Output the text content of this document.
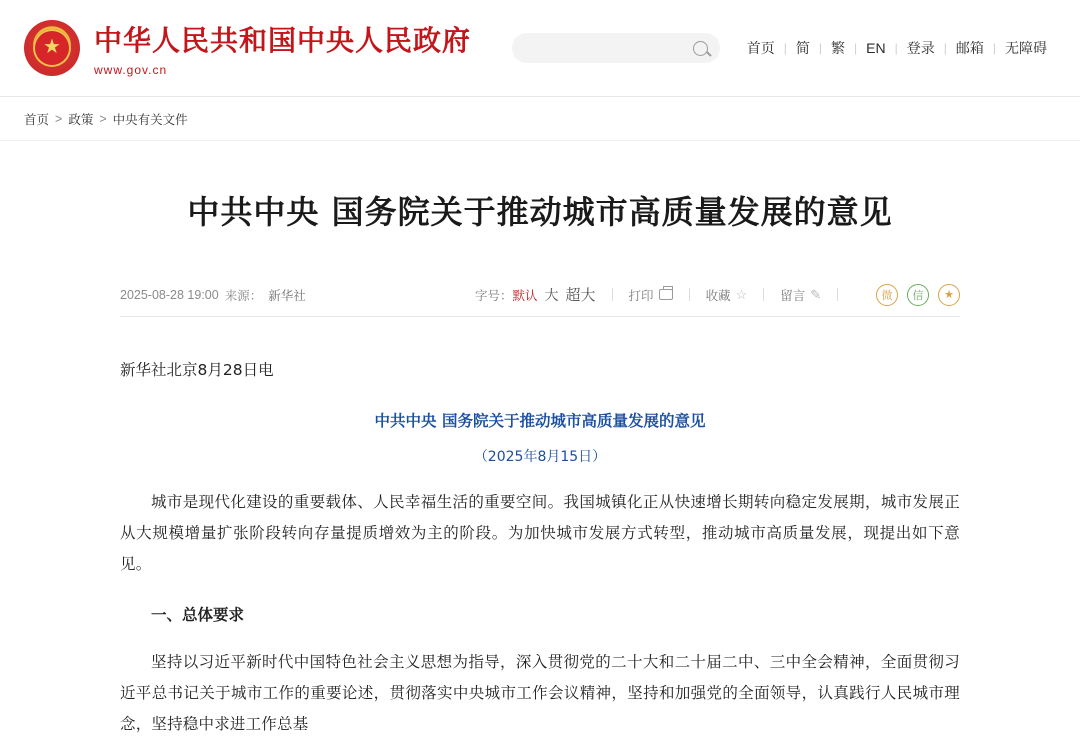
★
中华人民共和国中央人民政府
www.gov.cn
首页 | 简 | 繁 | EN | 登录 | 邮箱 | 无障碍
首页 > 政策 > 中央有关文件
中共中央 国务院关于推动城市高质量发展的意见
2025-08-28 19:00 来源： 新华社	字号： 默认 大 超大	打印	收藏 ☆	留言 ✎	微	信	★
新华社北京8月28日电
中共中央 国务院关于推动城市高质量发展的意见
（2025年8月15日）

城市是现代化建设的重要载体、人民幸福生活的重要空间。我国城镇化正从快速增长期转向稳定发展期，城市发展正从大规模增量扩张阶段转向存量提质增效为主的阶段。为加快城市发展方式转型，推动城市高质量发展，现提出如下意见。

一、总体要求

坚持以习近平新时代中国特色社会主义思想为指导，深入贯彻党的二十大和二十届二中、三中全会精神，全面贯彻习近平总书记关于城市工作的重要论述，贯彻落实中央城市工作会议精神，坚持和加强党的全面领导，认真践行人民城市理念，坚持稳中求进工作总基
